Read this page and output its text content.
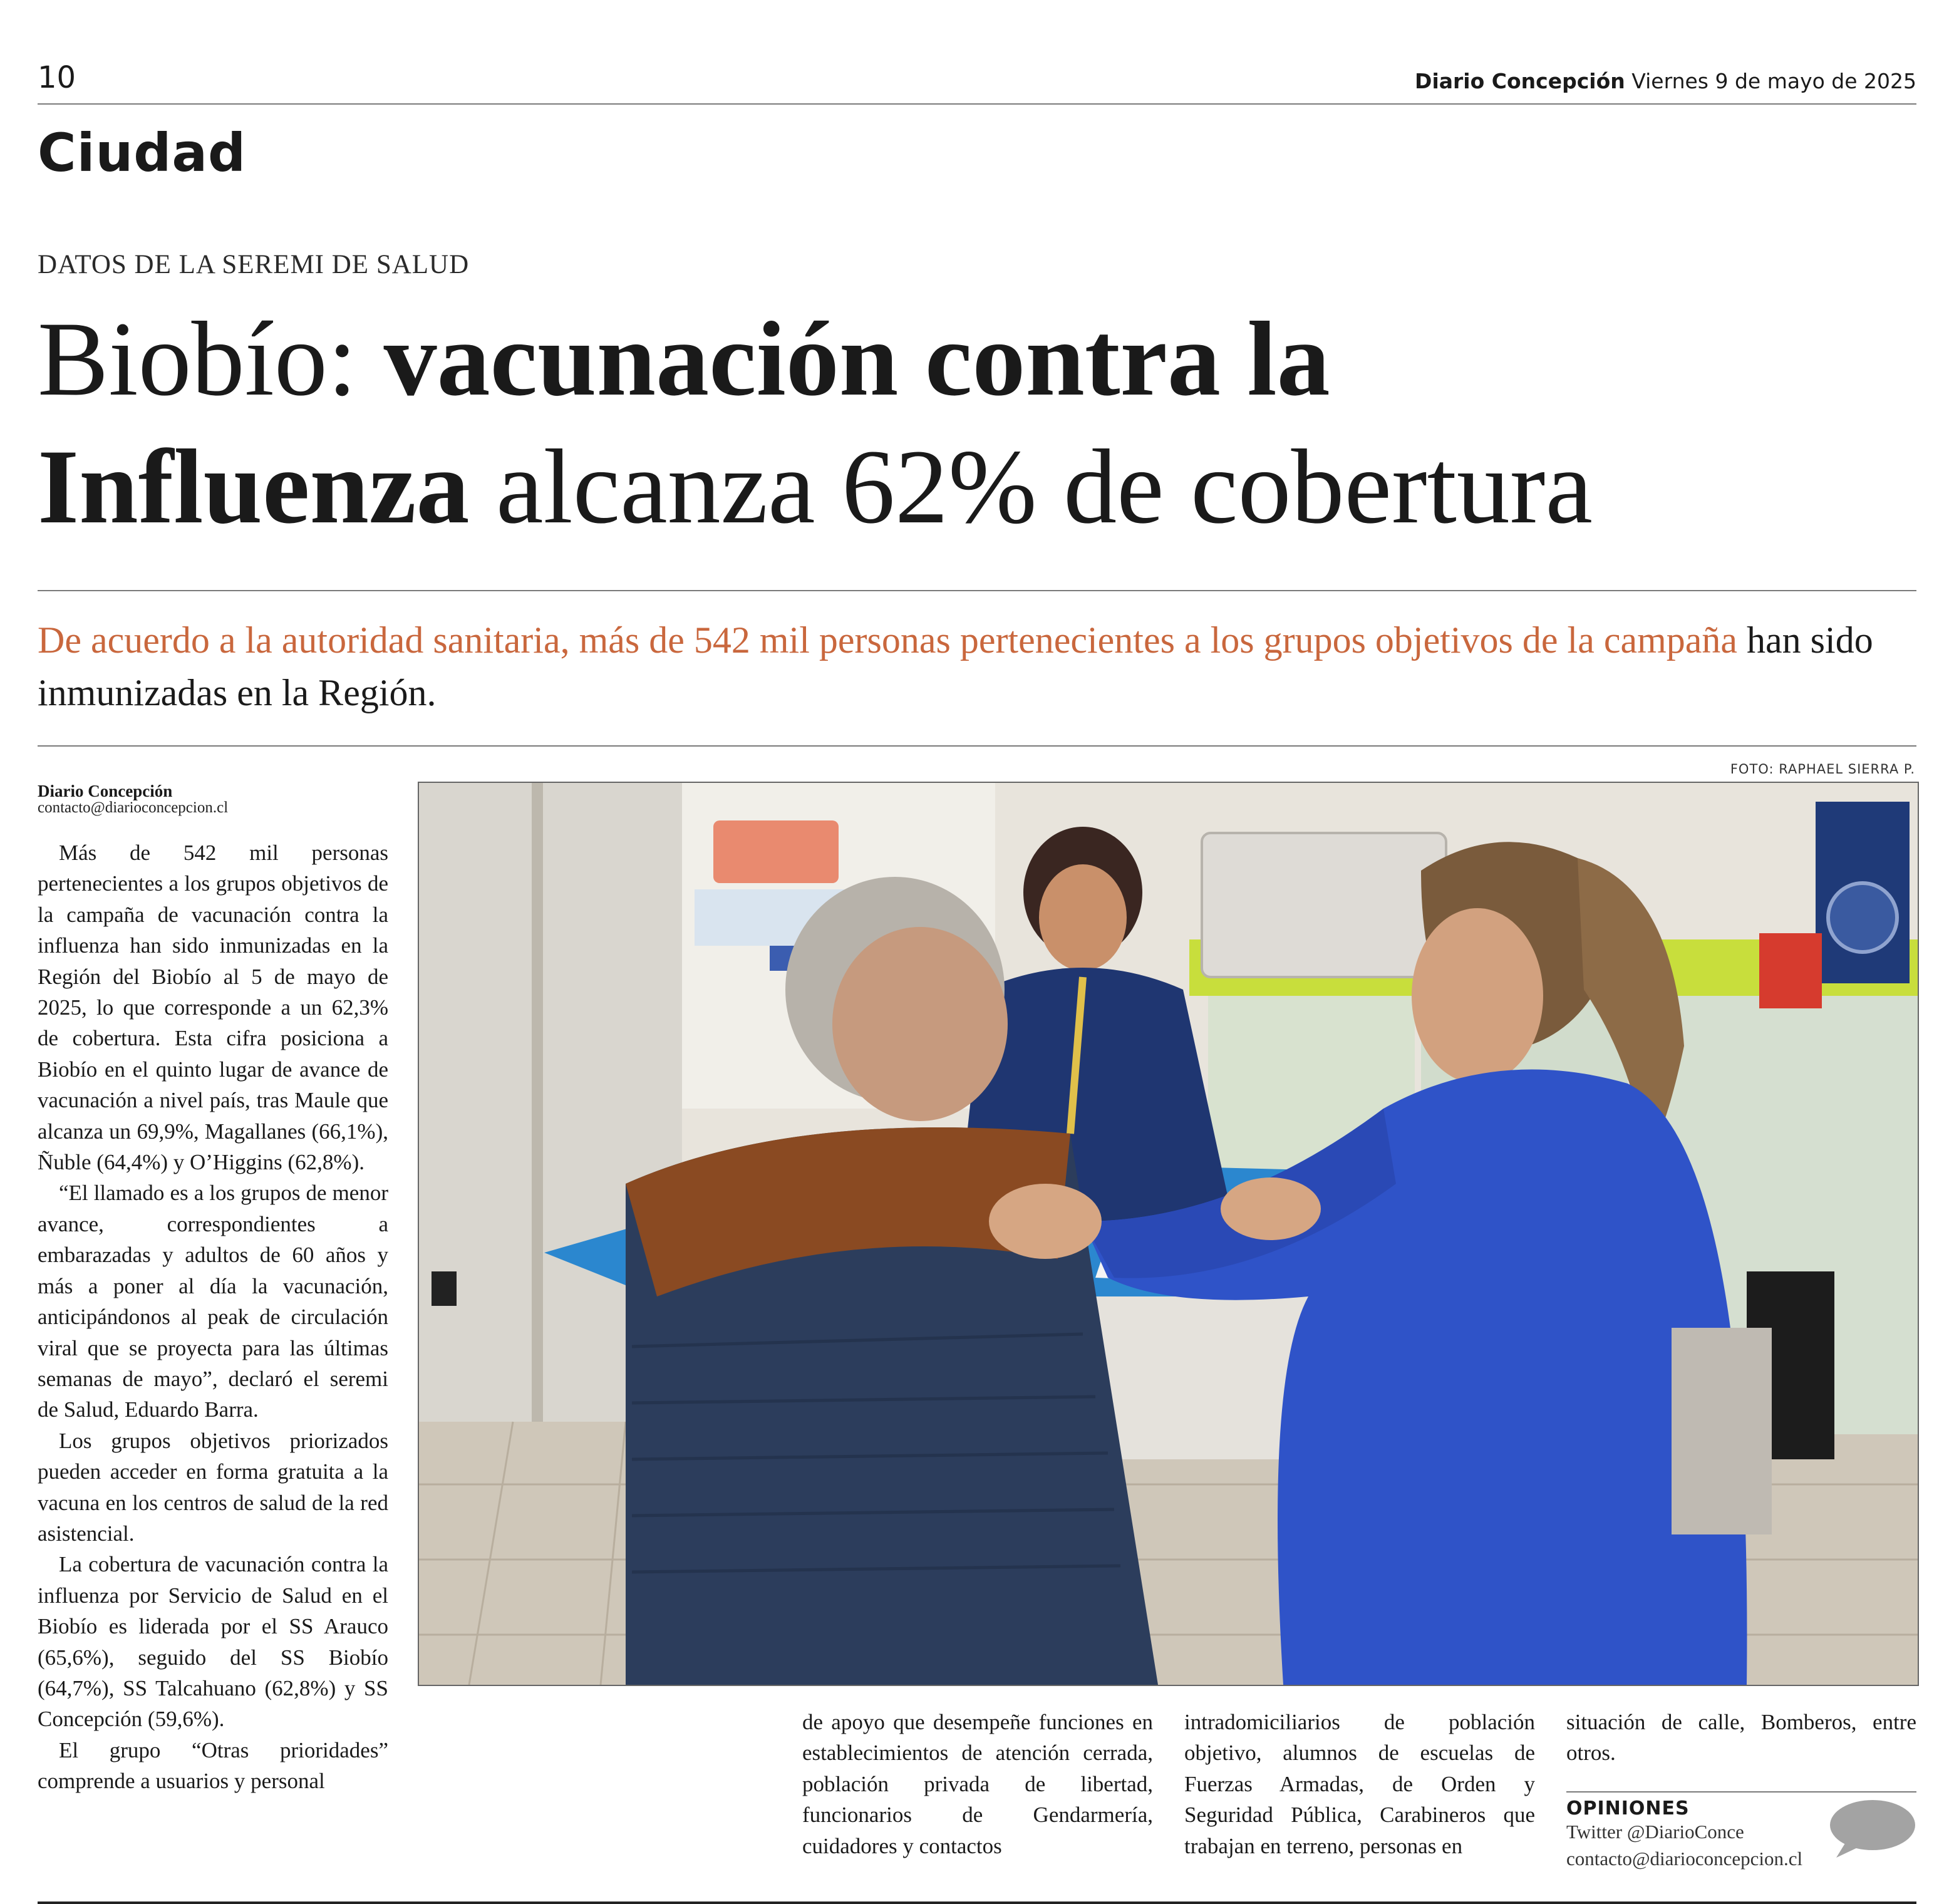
10	Diario Concepción Viernes 9 de mayo de 2025
Ciudad
DATOS DE LA SEREMI DE SALUD
Biobío: vacunación contra la
Influenza alcanza 62% de cobertura
De acuerdo a la autoridad sanitaria, más de 542 mil personas pertenecientes a los grupos objetivos de la campaña han sido inmunizadas en la Región.
FOTO: RAPHAEL SIERRA P.
Diario Concepción
contacto@diarioconcepcion.cl

Más de 542 mil personas pertenecientes a los grupos objetivos de la campaña de vacunación contra la influenza han sido inmunizadas en la Región del Biobío al 5 de mayo de 2025, lo que corresponde a un 62,3% de cobertura. Esta cifra posiciona a Biobío en el quinto lugar de avance de vacunación a nivel país, tras Maule que alcanza un 69,9%, Magallanes (66,1%), Ñuble (64,4%) y O’Higgins (62,8%).

“El llamado es a los grupos de menor avance, correspondientes a embarazadas y adultos de 60 años y más a poner al día la vacunación, anticipándonos al peak de circulación viral que se proyecta para las últimas semanas de mayo”, declaró el seremi de Salud, Eduardo Barra.

Los grupos objetivos priorizados pueden acceder en forma gratuita a la vacuna en los centros de salud de la red asistencial.

La cobertura de vacunación contra la influenza por Servicio de Salud en el Biobío es liderada por el SS Arauco (65,6%), seguido del SS Biobío (64,7%), SS Talcahuano (62,8%) y SS Concepción (59,6%).

El grupo “Otras prioridades” comprende a usuarios y personal

de apoyo que desempeñe funciones en establecimientos de atención cerrada, población privada de libertad, funcionarios de Gendarmería, cuidadores y contactos

intradomiciliarios de población objetivo, alumnos de escuelas de Fuerzas Armadas, de Orden y Seguridad Pública, Carabineros que trabajan en terreno, personas en

situación de calle, Bomberos, entre otros.

OPINIONES
Twitter @DiarioConce
contacto@diarioconcepcion.cl
